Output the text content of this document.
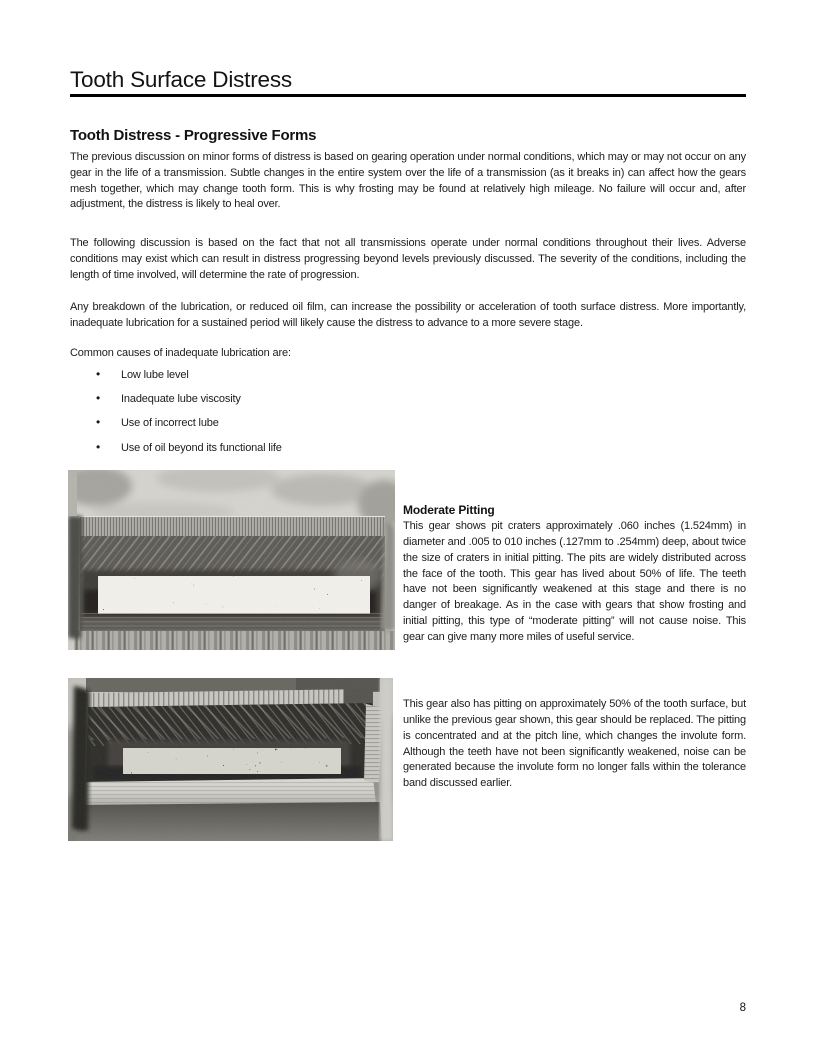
Tooth Surface Distress
Tooth Distress - Progressive Forms

The previous discussion on minor forms of distress is based on gearing operation under normal conditions, which may or may not occur on any gear in the life of a transmission. Subtle changes in the entire system over the life of a transmission (as it breaks in) can affect how the gears mesh together, which may change tooth form. This is why frosting may be found at relatively high mileage. No failure will occur and, after adjustment, the distress is likely to heal over.

The following discussion is based on the fact that not all transmissions operate under normal conditions throughout their lives. Adverse conditions may exist which can result in distress progressing beyond levels previously discussed. The severity of the conditions, including the length of time involved, will determine the rate of progression.

Any breakdown of the lubrication, or reduced oil film, can increase the possibility or acceleration of tooth surface distress. More importantly, inadequate lubrication for a sustained period will likely cause the distress to advance to a more severe stage.

Common causes of inadequate lubrication are:

• Low lube level
• Inadequate lube viscosity
• Use of incorrect lube
• Use of oil beyond its functional life
Moderate Pitting

This gear shows pit craters approximately .060 inches (1.524mm) in diameter and .005 to 010 inches (.127mm to .254mm) deep, about twice the size of craters in initial pitting. The pits are widely distributed across the face of the tooth. This gear has lived about 50% of life. The teeth have not been significantly weakened at this stage and there is no danger of breakage. As in the case with gears that show frosting and initial pitting, this type of “moderate pitting” will not cause noise. This gear can give many more miles of useful service.

This gear also has pitting on approximately 50% of the tooth surface, but unlike the previous gear shown, this gear should be replaced. The pitting is concentrated and at the pitch line, which changes the involute form. Although the teeth have not been significantly weakened, noise can be generated because the involute form no longer falls within the tolerance band discussed earlier.

8
